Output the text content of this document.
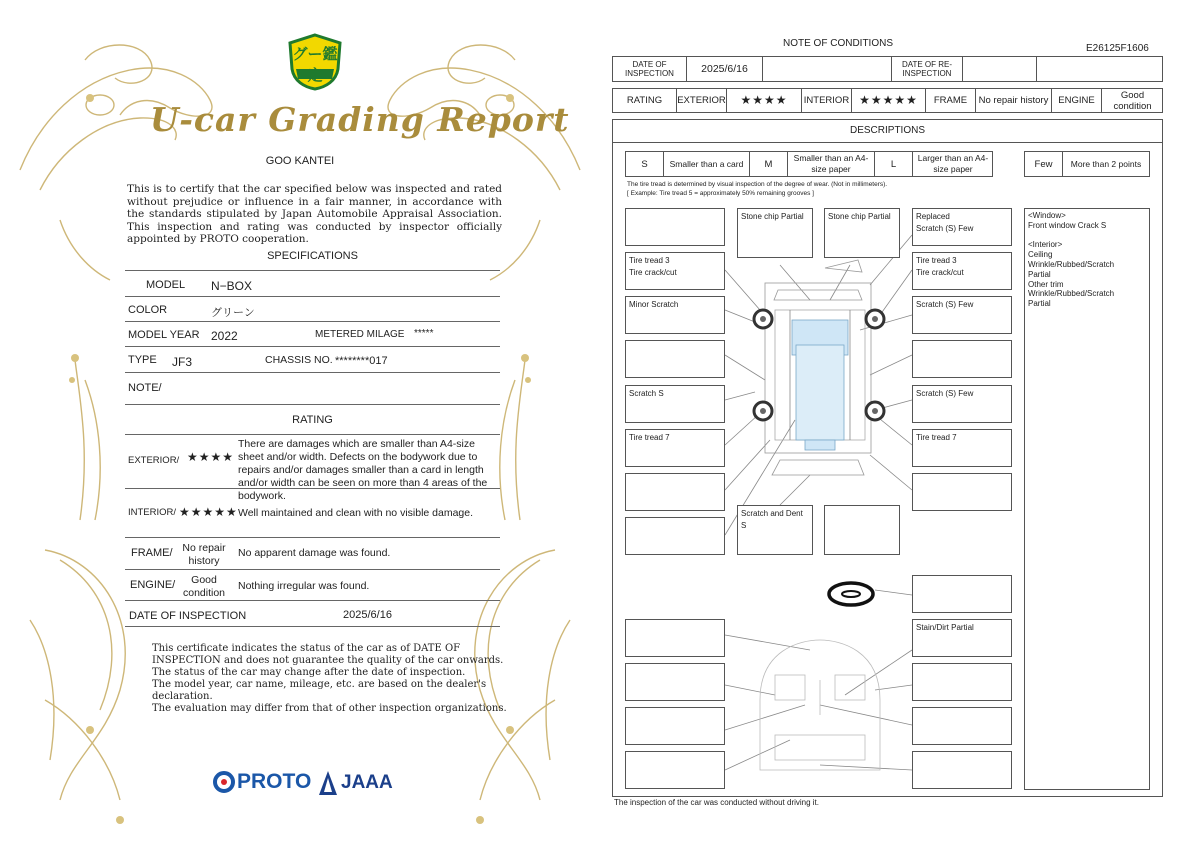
グー鑑定
U-car Grading Report
GOO KANTEI
This is to certify that the car specified below was inspected and rated without prejudice or influence in a fair manner, in accordance with the standards stipulated by Japan Automobile Appraisal Association. This inspection and rating was conducted by inspector officially appointed by PROTO cooperation.
SPECIFICATIONS
MODEL N−BOX
COLOR	グリーン
MODEL YEAR 2022	METERED MILAGE *****
TYPE JF3	CHASSIS NO. ********017
NOTE/
RATING
EXTERIOR/ ★★★★
There are damages which are smaller than A4-size sheet and/or width. Defects on the bodywork due to repairs and/or damages smaller than a card in length and/or width can be seen on more than 4 areas of the bodywork.
INTERIOR/ ★★★★★ Well maintained and clean with no visible damage.
FRAME/ No repair history
No apparent damage was found.
ENGINE/	Good condition
Nothing irregular was found.
DATE OF INSPECTION	2025/6/16
This certificate indicates the status of the car as of DATE OF
INSPECTION and does not guarantee the quality of the car onwards.
The status of the car may change after the date of inspection.
The model year, car name, mileage, etc. are based on the dealer's
declaration.
The evaluation may differ from that of other inspection organizations.
PROTO JAAA
NOTE OF CONDITIONS	E26125F1606
DATE OF INSPECTION	2025/6/16	DATE OF RE-INSPECTION
RATING	EXTERIOR	★★★★	INTERIOR ★★★★★	FRAME	No repair history	ENGINE	Good condition
DESCRIPTIONS
S	Smaller than a card	M
Smaller than an A4-size paper	L
Larger than an A4-size paper	Few	More than 2 points
The tire tread is determined by visual inspection of the degree of wear. (Not in millimeters).
[ Example: Tire tread 5 = approximately 50% remaining grooves ]
Tire tread 3
Tire crack/cut
Minor Scratch
Scratch S
Tire tread 7
Stone chip Partial	Stone chip Partial
Scratch and Dent S
Replaced
Scratch (S) Few
Tire tread 3
Tire crack/cut
Scratch (S) Few
Scratch (S) Few
Tire tread 7
Stain/Dirt Partial
<Window>
Front window Crack S

<Interior>
Ceiling
Wrinkle/Rubbed/Scratch
Partial
Other trim
Wrinkle/Rubbed/Scratch
Partial
The inspection of the car was conducted without driving it.
